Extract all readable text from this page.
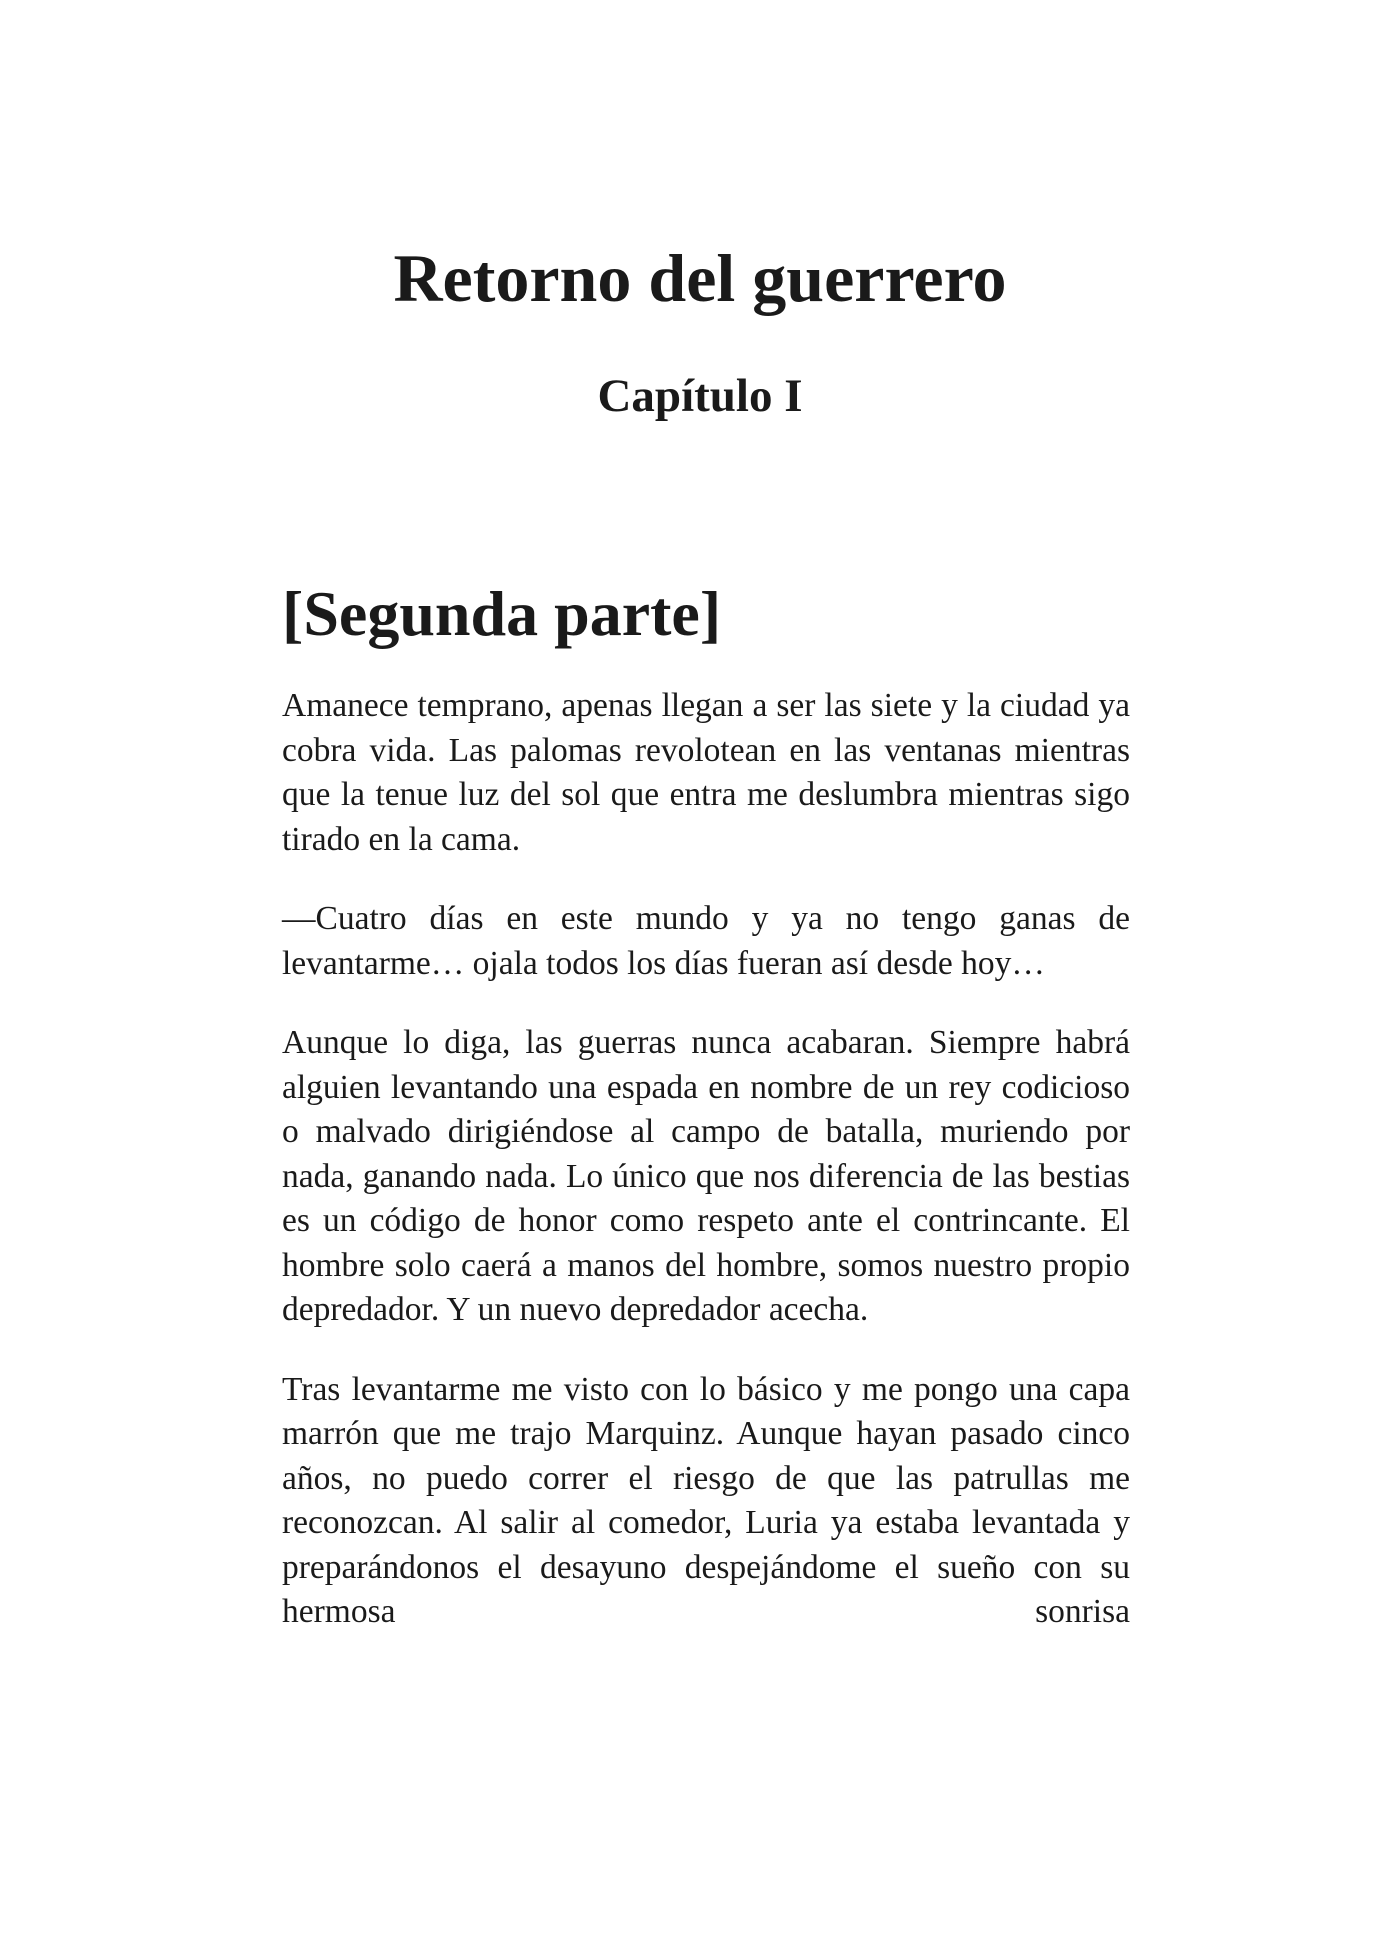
Retorno del guerrero
Capítulo I
[Segunda parte]

Amanece temprano, apenas llegan a ser las siete y la ciudad ya cobra vida. Las palomas revolotean en las ventanas mientras que la tenue luz del sol que entra me deslumbra mientras sigo tirado en la cama.

—Cuatro días en este mundo y ya no tengo ganas de levantarme… ojala todos los días fueran así desde hoy…

Aunque lo diga, las guerras nunca acabaran. Siempre habrá alguien levantando una espada en nombre de un rey codicioso o malvado dirigiéndose al campo de batalla, muriendo por nada, ganando nada. Lo único que nos diferencia de las bestias es un código de honor como respeto ante el contrincante. El hombre solo caerá a manos del hombre, somos nuestro propio depredador. Y un nuevo depredador acecha.

Tras levantarme me visto con lo básico y me pongo una capa marrón que me trajo Marquinz. Aunque hayan pasado cinco años, no puedo correr el riesgo de que las patrullas me reconozcan. Al salir al comedor, Luria ya estaba levantada y preparándonos el desayuno despejándome el sueño con su hermosa sonrisa
